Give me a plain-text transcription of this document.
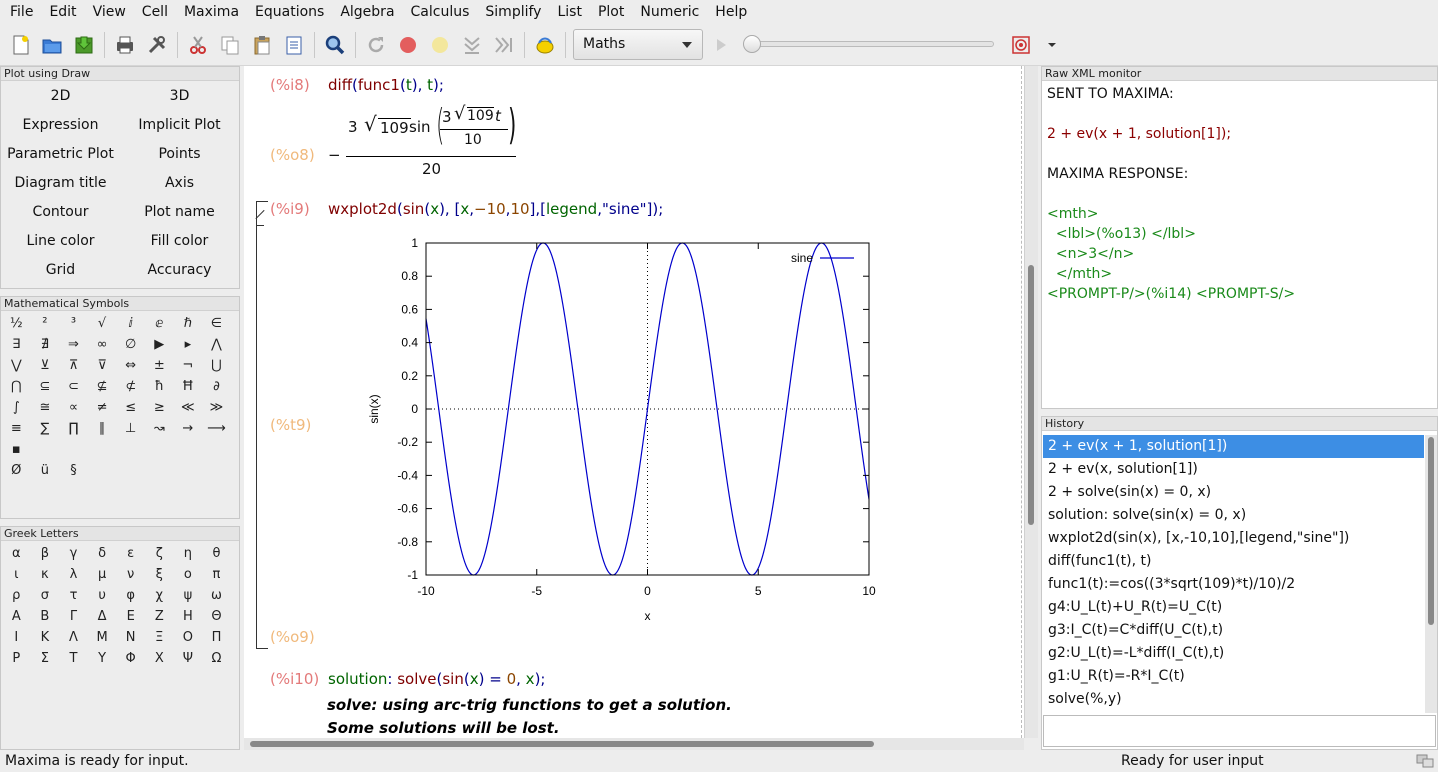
File	Edit	View	Cell	Maxima	Equations	Algebra	Calculus	Simplify	List	Plot	Numeric	Help
Maths
Plot using Draw
2D	3D
Expression	Implicit Plot
Parametric Plot	Points
Diagram title	Axis
Contour	Plot name
Line color	Fill color
Grid	Accuracy
Mathematical Symbols
½	²	³	√	ⅈ	ⅇ	ℏ	∈
∃	∄	⇒	∞	∅	▶	▸	⋀
⋁	⊻	⊼	⊽	⇔	±	¬	⋃
⋂	⊆	⊂	⊈	⊄	ħ	Ħ	∂
∫	≅	∝	≠	≤	≥	≪	≫
≡	∑	∏	∥	⊥	↝	→	⟶
▪
Ø	ü	§
Greek Letters
α	β	γ	δ	ε	ζ	η	θ
ι	κ	λ	μ	ν	ξ	ο	π
ρ	σ	τ	υ	φ	χ	ψ	ω
Α	Β	Γ	Δ	Ε	Ζ	Η	Θ
Ι	Κ	Λ	Μ	Ν	Ξ	Ο	Π
Ρ	Σ	Τ	Υ	Φ	Χ	Ψ	Ω
(%i8) diff(func1(t), t);
(%o8) −
3 √ 109 sin (
3 √ 109 t
10 )
20
(%i9) wxplot2d(sin(x), [x,−10,10],[legend,"sine"]);
(%t9)
-10	-5	0	5	10
-1
-0.8
-0.6
-0.4
-0.2
0
0.2
0.4
0.6
0.8
1
x
sin(x)
sine
(%o9)
(%i10) solution: solve(sin(x) = 0, x);
solve: using arc-trig functions to get a solution.
Some solutions will be lost.
Raw XML monitor
SENT TO MAXIMA:

2 + ev(x + 1, solution[1]);

MAXIMA RESPONSE:

<mth>
<lbl>(%o13) </lbl>
<n>3</n>
</mth>
<PROMPT-P/>(%i14) <PROMPT-S/>
History
2 + ev(x + 1, solution[1])
2 + ev(x, solution[1])
2 + solve(sin(x) = 0, x)
solution: solve(sin(x) = 0, x)
wxplot2d(sin(x), [x,-10,10],[legend,"sine"])
diff(func1(t), t)
func1(t):=cos((3*sqrt(109)*t)/10)/2
g4:U_L(t)+U_R(t)=U_C(t)
g3:I_C(t)=C*diff(U_C(t),t)
g2:U_L(t)=-L*diff(I_C(t),t)
g1:U_R(t)=-R*I_C(t)
solve(%,y)
Maxima is ready for input.	Ready for user input
